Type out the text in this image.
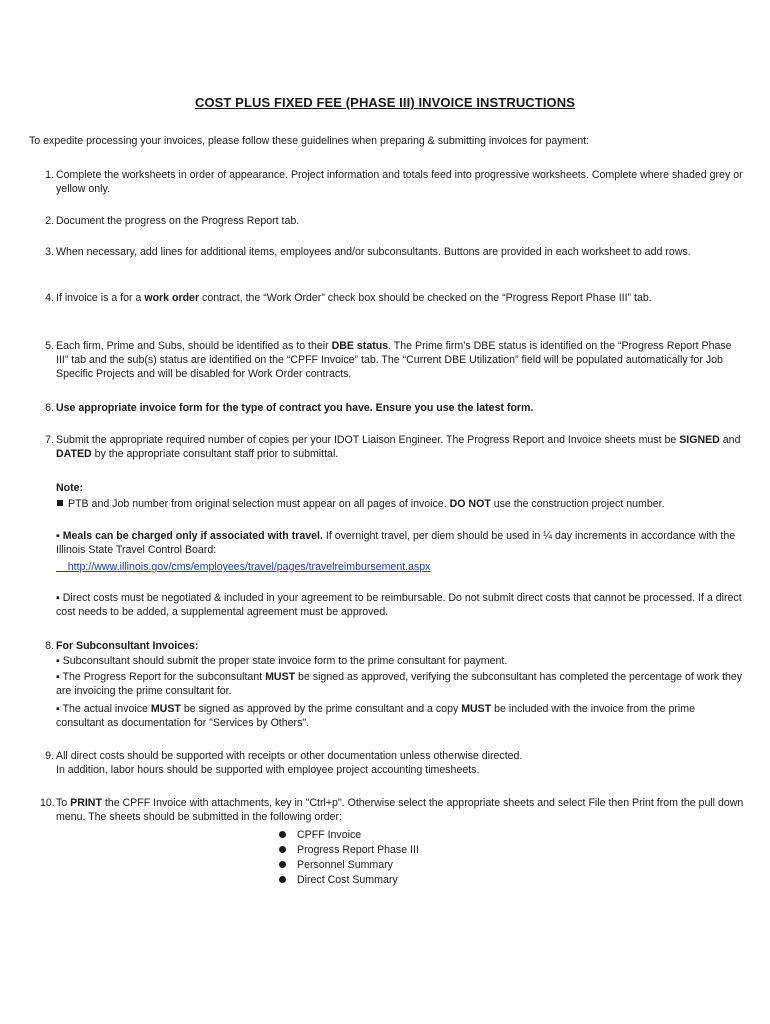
COST PLUS FIXED FEE (PHASE III) INVOICE INSTRUCTIONS
To expedite processing your invoices, please follow these guidelines when preparing & submitting invoices for payment:
1. Complete the worksheets in order of appearance. Project information and totals feed into progressive worksheets. Complete where shaded grey or yellow only.
2. Document the progress on the Progress Report tab.
3. When necessary, add lines for additional items, employees and/or subconsultants. Buttons are provided in each worksheet to add rows.
4. If invoice is a for a work order contract, the “Work Order” check box should be checked on the “Progress Report Phase III” tab.
5. Each firm, Prime and Subs, should be identified as to their DBE status. The Prime firm’s DBE status is identified on the “Progress Report Phase III” tab and the sub(s) status are identified on the “CPFF Invoice” tab. The “Current DBE Utilization” field will be populated automatically for Job Specific Projects and will be disabled for Work Order contracts.
6. Use appropriate invoice form for the type of contract you have. Ensure you use the latest form.
7. Submit the appropriate required number of copies per your IDOT Liaison Engineer. The Progress Report and Invoice sheets must be SIGNED and DATED by the appropriate consultant staff prior to submittal.
Note:
PTB and Job number from original selection must appear on all pages of invoice. DO NOT use the construction project number.
▪ Meals can be charged only if associated with travel. If overnight travel, per diem should be used in ¼ day increments in accordance with the Illinois State Travel Control Board:
http://www.illinois.gov/cms/employees/travel/pages/travelreimbursement.aspx
▪ Direct costs must be negotiated & included in your agreement to be reimbursable. Do not submit direct costs that cannot be processed. If a direct cost needs to be added, a supplemental agreement must be approved.
8. For Subconsultant Invoices:
▪ Subconsultant should submit the proper state invoice form to the prime consultant for payment.
▪ The Progress Report for the subconsultant MUST be signed as approved, verifying the subconsultant has completed the percentage of work they are invoicing the prime consultant for.
▪ The actual invoice MUST be signed as approved by the prime consultant and a copy MUST be included with the invoice from the prime consultant as documentation for "Services by Others".
9. All direct costs should be supported with receipts or other documentation unless otherwise directed.
In addition, labor hours should be supported with employee project accounting timesheets.
10. To PRINT the CPFF Invoice with attachments, key in "Ctrl+p". Otherwise select the appropriate sheets and select File then Print from the pull down menu. The sheets should be submitted in the following order:
CPFF Invoice
Progress Report Phase III
Personnel Summary
Direct Cost Summary
